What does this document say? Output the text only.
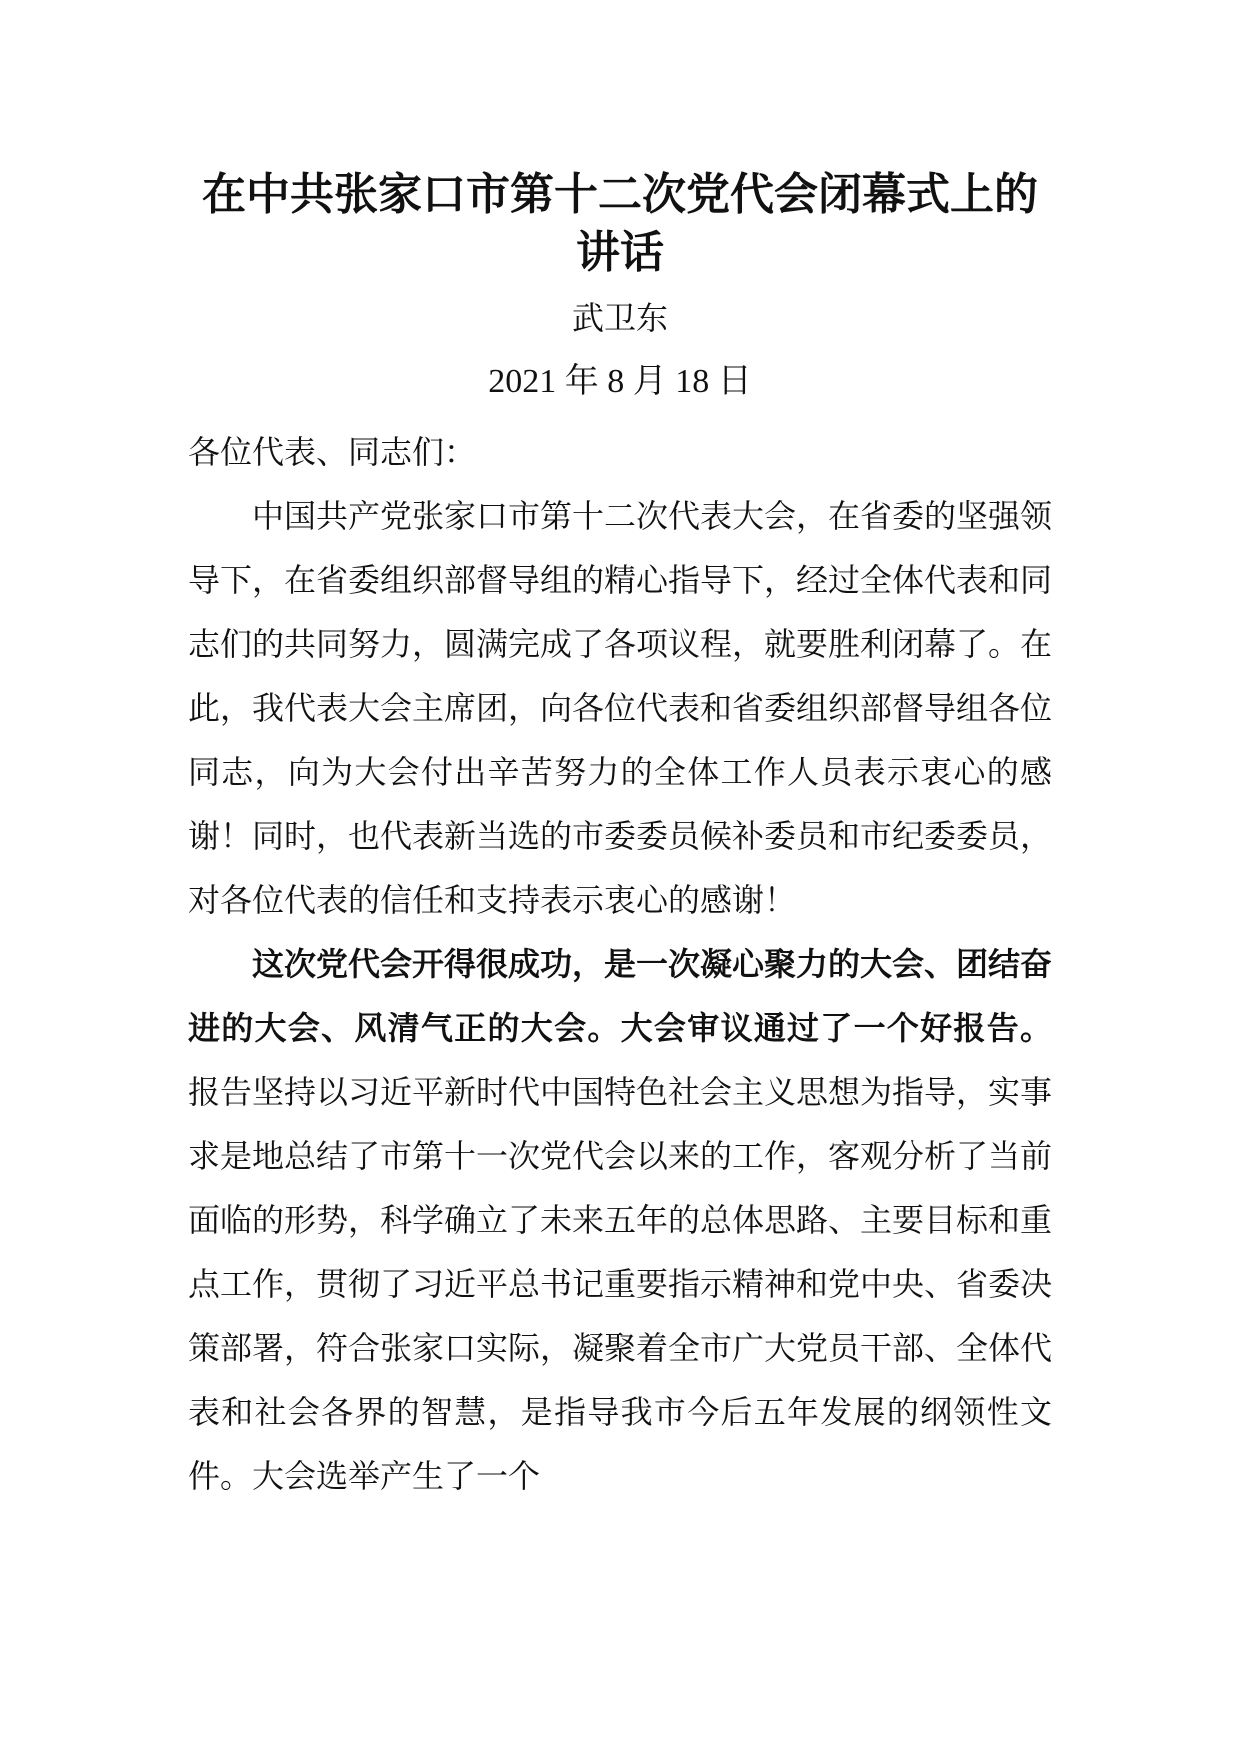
在中共张家口市第十二次党代会闭幕式上的讲话
武卫东
2021 年 8 月 18 日
各位代表、同志们：

中国共产党张家口市第十二次代表大会，在省委的坚强领导下，在省委组织部督导组的精心指导下，经过全体代表和同志们的共同努力，圆满完成了各项议程，就要胜利闭幕了。在此，我代表大会主席团，向各位代表和省委组织部督导组各位同志，向为大会付出辛苦努力的全体工作人员表示衷心的感谢！同时，也代表新当选的市委委员候补委员和市纪委委员，对各位代表的信任和支持表示衷心的感谢！

这次党代会开得很成功，是一次凝心聚力的大会、团结奋进的大会、风清气正的大会。大会审议通过了一个好报告。报告坚持以习近平新时代中国特色社会主义思想为指导，实事求是地总结了市第十一次党代会以来的工作，客观分析了当前面临的形势，科学确立了未来五年的总体思路、主要目标和重点工作，贯彻了习近平总书记重要指示精神和党中央、省委决策部署，符合张家口实际，凝聚着全市广大党员干部、全体代表和社会各界的智慧，是指导我市今后五年发展的纲领性文件。大会选举产生了一个
